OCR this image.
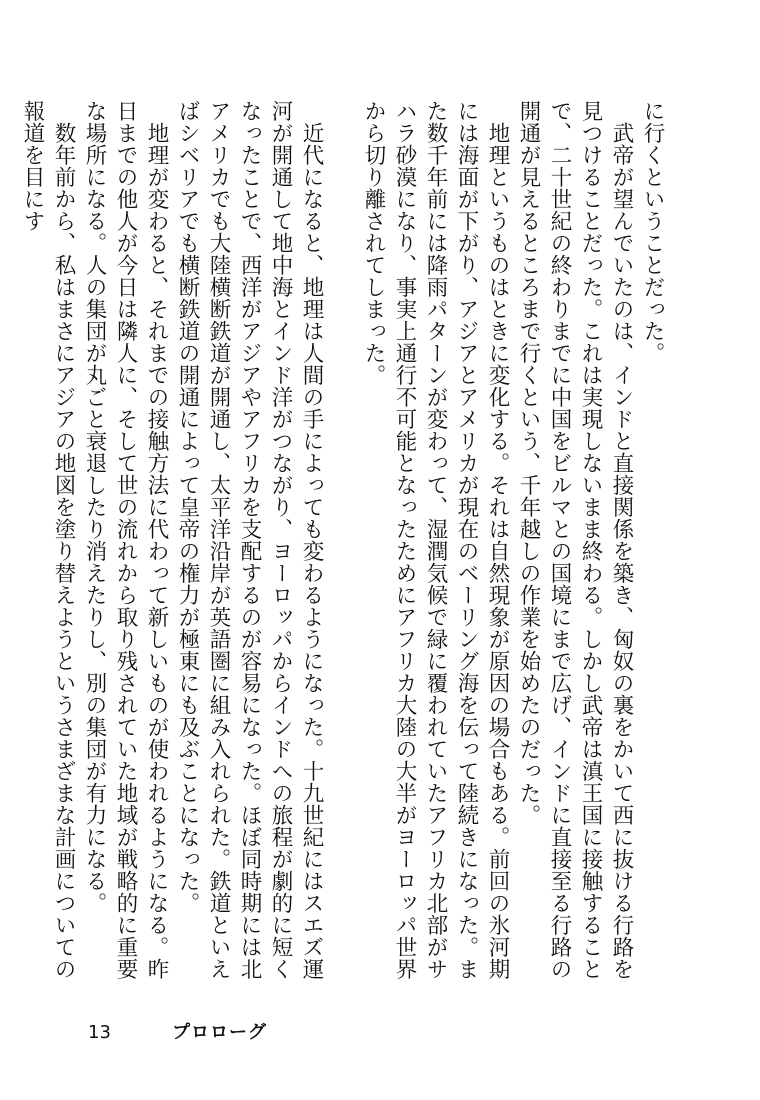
に行くということだった。

武帝が望んでいたのは、インドと直接関係を築き、匈奴の裏をかいて西に抜ける行路を見つけることだった。これは実現しないまま終わる。しかし武帝は滇王国に接触することで、二十世紀の終わりまでに中国をビルマとの国境にまで広げ、インドに直接至る行路の開通が見えるところまで行くという、千年越しの作業を始めたのだった。

地理というものはときに変化する。それは自然現象が原因の場合もある。前回の氷河期には海面が下がり、アジアとアメリカが現在のベーリング海を伝って陸続きになった。また数千年前には降雨パターンが変わって、湿潤気候で緑に覆われていたアフリカ北部がサハラ砂漠になり、事実上通行不可能となったためにアフリカ大陸の大半がヨーロッパ世界から切り離されてしまった。

近代になると、地理は人間の手によっても変わるようになった。十九世紀にはスエズ運河が開通して地中海とインド洋がつながり、ヨーロッパからインドへの旅程が劇的に短くなったことで、西洋がアジアやアフリカを支配するのが容易になった。ほぼ同時期には北アメリカでも大陸横断鉄道が開通し、太平洋沿岸が英語圏に組み入れられた。鉄道といえばシベリアでも横断鉄道の開通によって皇帝の権力が極東にも及ぶことになった。

地理が変わると、それまでの接触方法に代わって新しいものが使われるようになる。昨日までの他人が今日は隣人に、そして世の流れから取り残されていた地域が戦略的に重要な場所になる。人の集団が丸ごと衰退したり消えたりし、別の集団が有力になる。

数年前から、私はまさにアジアの地図を塗り替えようというさまざまな計画についての報道を目にす

13	プロローグ
